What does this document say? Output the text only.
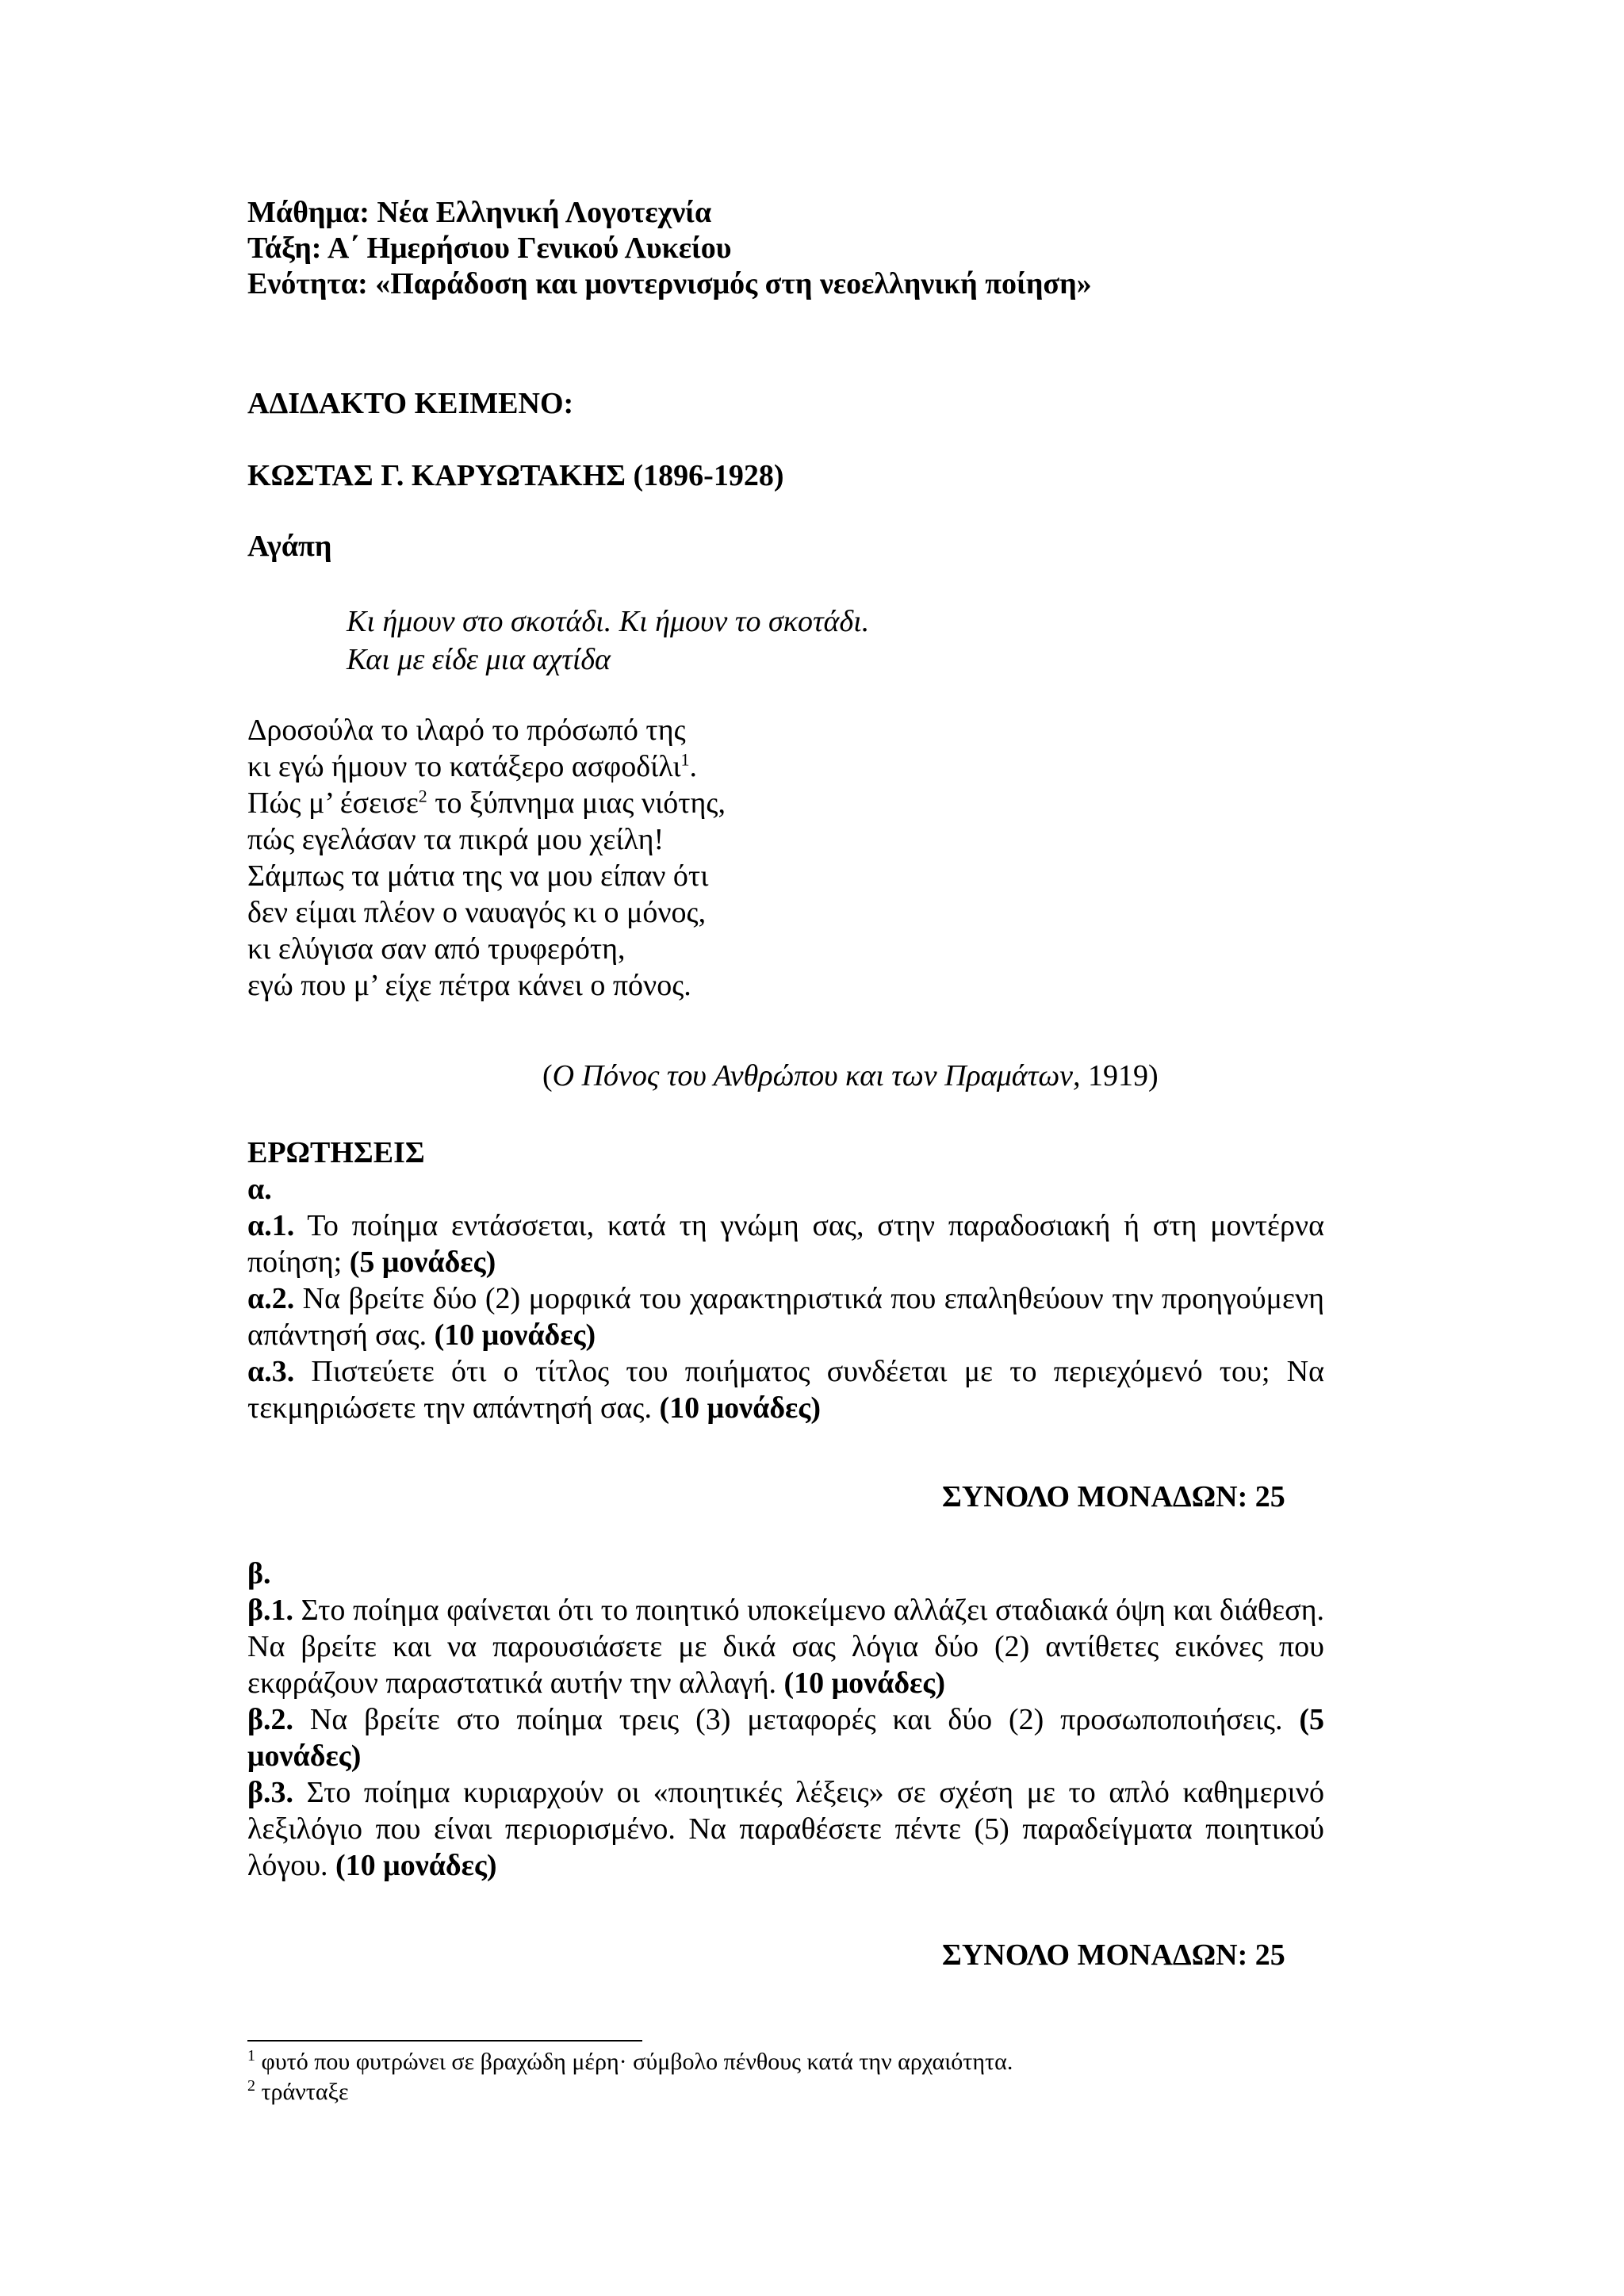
Μάθημα: Νέα Ελληνική Λογοτεχνία
Τάξη: Α΄ Ημερήσιου Γενικού Λυκείου
Ενότητα: «Παράδοση και μοντερνισμός στη νεοελληνική ποίηση»
ΑΔΙΔΑΚΤΟ ΚΕΙΜΕΝΟ:
ΚΩΣΤΑΣ Γ. ΚΑΡΥΩΤΑΚΗΣ (1896-1928)
Αγάπη
Κι ήμουν στο σκοτάδι. Κι ήμουν το σκοτάδι.
Και με είδε μια αχτίδα
Δροσούλα το ιλαρό το πρόσωπό της
κι εγώ ήμουν το κατάξερο ασφοδίλι$^1$.
Πώς μ’ έσεισε$^2$ το ξύπνημα μιας νιότης,
πώς εγελάσαν τα πικρά μου χείλη!
Σάμπως τα μάτια της να μου είπαν ότι
δεν είμαι πλέον ο ναυαγός κι ο μόνος,
κι ελύγισα σαν από τρυφερότη,
εγώ που μ’ είχε πέτρα κάνει ο πόνος.
(Ο Πόνος του Ανθρώπου και των Πραμάτων, 1919)
ΕΡΩΤΗΣΕΙΣ

α.

α.1. Το ποίημα εντάσσεται, κατά τη γνώμη σας, στην παραδοσιακή ή στη μοντέρνα ποίηση; (5 μονάδες)

α.2. Να βρείτε δύο (2) μορφικά του χαρακτηριστικά που επαληθεύουν την προηγούμενη απάντησή σας. (10 μονάδες)

α.3. Πιστεύετε ότι ο τίτλος του ποιήματος συνδέεται με το περιεχόμενό του; Να τεκμηριώσετε την απάντησή σας. (10 μονάδες)

ΣΥΝΟΛΟ ΜΟΝΑΔΩΝ: 25

β.

β.1. Στο ποίημα φαίνεται ότι το ποιητικό υποκείμενο αλλάζει σταδιακά όψη και διάθεση. Να βρείτε και να παρουσιάσετε με δικά σας λόγια δύο (2) αντίθετες εικόνες που εκφράζουν παραστατικά αυτήν την αλλαγή. (10 μονάδες)

β.2. Να βρείτε στο ποίημα τρεις (3) μεταφορές και δύο (2) προσωποποιήσεις. (5 μονάδες)

β.3. Στο ποίημα κυριαρχούν οι «ποιητικές λέξεις» σε σχέση με το απλό καθημερινό λεξιλόγιο που είναι περιορισμένο. Να παραθέσετε πέντε (5) παραδείγματα ποιητικού λόγου. (10 μονάδες)

ΣΥΝΟΛΟ ΜΟΝΑΔΩΝ: 25
$^1$ φυτό που φυτρώνει σε βραχώδη μέρη· σύμβολο πένθους κατά την αρχαιότητα.
$^2$ τράνταξε
